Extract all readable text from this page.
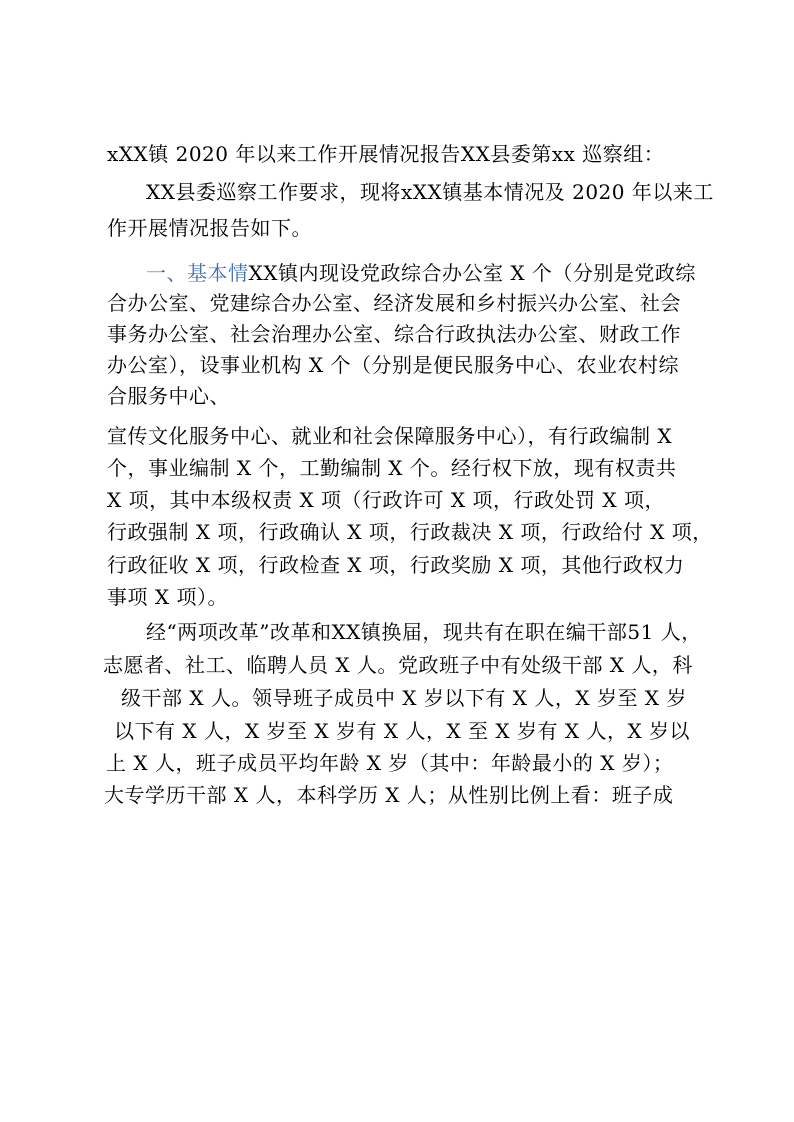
xXX镇 2020 年以来工作开展情况报告XX县委第xx 巡察组：
XX县委巡察工作要求，现将xXX镇基本情况及 2020 年以来工
作开展情况报告如下。
一、基本情XX镇内现设党政综合办公室 X 个（分别是党政综
合办公室、党建综合办公室、经济发展和乡村振兴办公室、社会
事务办公室、社会治理办公室、综合行政执法办公室、财政工作
办公室），设事业机构 X 个（分别是便民服务中心、农业农村综
合服务中心、
宣传文化服务中心、就业和社会保障服务中心），有行政编制 X
个，事业编制 X 个，工勤编制 X 个。经行权下放，现有权责共
X 项，其中本级权责 X 项（行政许可 X 项，行政处罚 X 项，
行政强制 X 项，行政确认 X 项，行政裁决 X 项，行政给付 X 项，
行政征收 X 项，行政检查 X 项，行政奖励 X 项，其他行政权力
事项 X 项）。
经“两项改革”改革和XX镇换届，现共有在职在编干部51 人，
志愿者、社工、临聘人员 X 人。党政班子中有处级干部 X 人，科
级干部 X 人。领导班子成员中 X 岁以下有 X 人，X 岁至 X 岁
以下有 X 人，X 岁至 X 岁有 X 人，X 至 X 岁有 X 人，X 岁以
上 X 人，班子成员平均年龄 X 岁（其中：年龄最小的 X 岁）；
大专学历干部 X 人，本科学历 X 人；从性别比例上看：班子成
